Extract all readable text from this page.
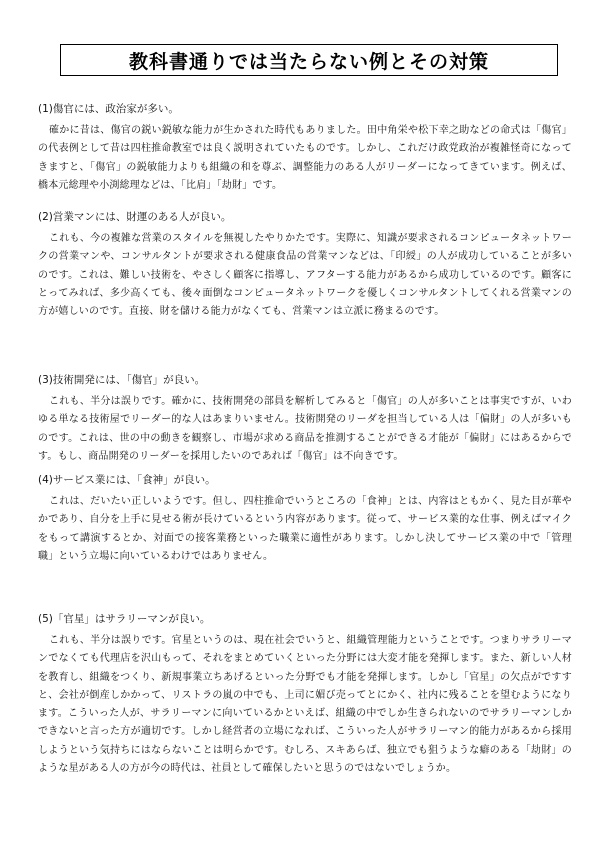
教科書通りでは当たらない例とその対策

(1)傷官には、政治家が多い。

確かに昔は、傷官の鋭い鋭敏な能力が生かされた時代もありました。田中角栄や松下幸之助などの命式は「傷官」の代表例として昔は四柱推命教室では良く説明されていたものです。しかし、これだけ政党政治が複雑怪奇になってきますと、「傷官」の鋭敏能力よりも組織の和を尊ぶ、調整能力のある人がリーダーになってきています。例えば、橋本元総理や小渕総理などは、「比肩」「劫財」です。

(2)営業マンには、財運のある人が良い。

これも、今の複雑な営業のスタイルを無視したやりかたです。実際に、知識が要求されるコンピュータネットワークの営業マンや、コンサルタントが要求される健康食品の営業マンなどは、「印綬」の人が成功していることが多いのです。これは、難しい技術を、やさしく顧客に指導し、アフターする能力があるから成功しているのです。顧客にとってみれば、多少高くても、後々面倒なコンピュータネットワークを優しくコンサルタントしてくれる営業マンの方が嬉しいのです。直接、財を儲ける能力がなくても、営業マンは立派に務まるのです。

(3)技術開発には、「傷官」が良い。

これも、半分は誤りです。確かに、技術開発の部員を解析してみると「傷官」の人が多いことは事実ですが、いわゆる単なる技術屋でリーダー的な人はあまりいません。技術開発のリーダを担当している人は「偏財」の人が多いものです。これは、世の中の動きを観察し、市場が求める商品を推測することができる才能が「偏財」にはあるからです。もし、商品開発のリーダーを採用したいのであれば「傷官」は不向きです。

(4)サービス業には、「食神」が良い。

これは、だいたい正しいようです。但し、四柱推命でいうところの「食神」とは、内容はともかく、見た目が華やかであり、自分を上手に見せる術が長けているという内容があります。従って、サービス業的な仕事、例えばマイクをもって講演するとか、対面での接客業務といった職業に適性があります。しかし決してサービス業の中で「管理職」という立場に向いているわけではありません。

(5)「官星」はサラリーマンが良い。

これも、半分は誤りです。官星というのは、現在社会でいうと、組織管理能力ということです。つまりサラリーマンでなくても代理店を沢山もって、それをまとめていくといった分野には大変才能を発揮します。また、新しい人材を教育し、組織をつくり、新規事業立ちあげるといった分野でも才能を発揮します。しかし「官星」の欠点がですすと、会社が倒産しかかって、リストラの嵐の中でも、上司に媚び売ってとにかく、社内に残ることを望むようになります。こういった人が、サラリーマンに向いているかといえば、組織の中でしか生きられないのでサラリーマンしかできないと言った方が適切です。しかし経営者の立場になれば、こういった人がサラリーマン的能力があるから採用しようという気持ちにはならないことは明らかです。むしろ、スキあらば、独立でも狙うような癖のある「劫財」のような星がある人の方が今の時代は、社員として確保したいと思うのではないでしょうか。
